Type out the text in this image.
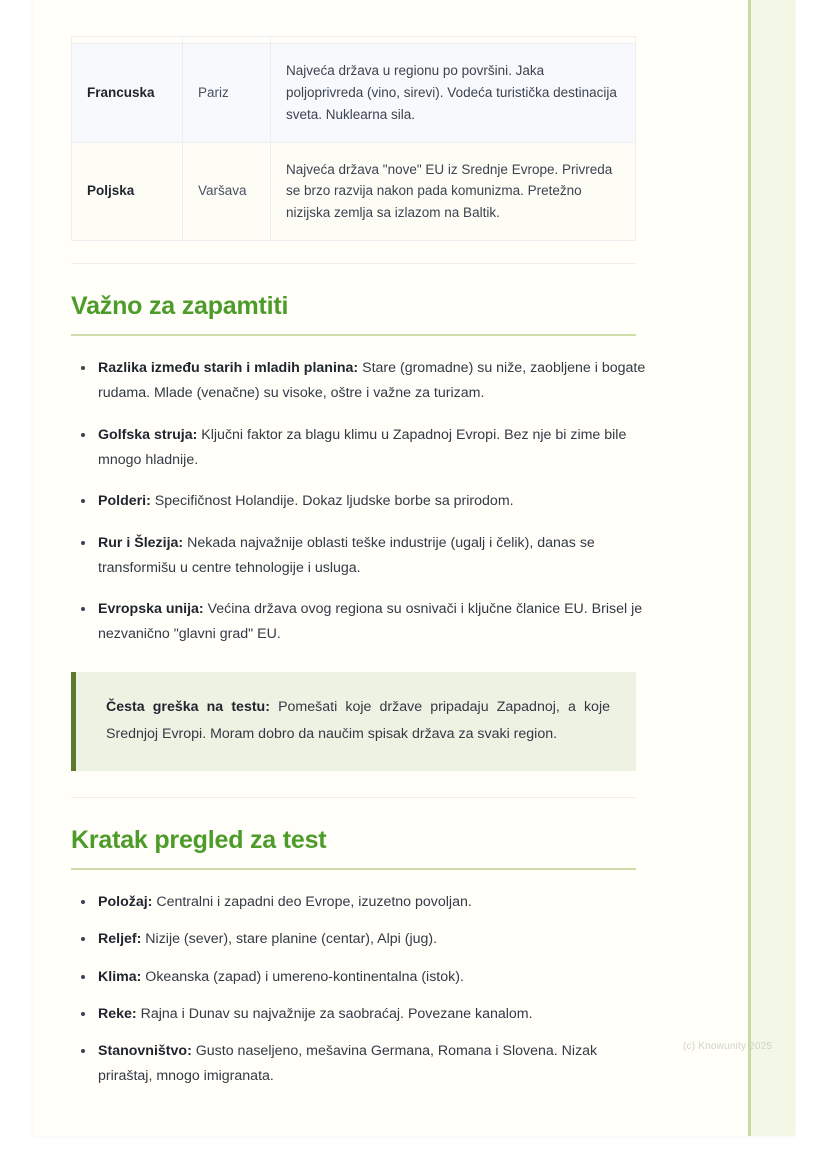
Francuska	Pariz	Najveća država u regionu po površini. Jaka poljoprivreda (vino, sirevi). Vodeća turistička destinacija sveta. Nuklearna sila.
Poljska	Varšava	Najveća država "nove" EU iz Srednje Evrope. Privreda se brzo razvija nakon pada komunizma. Pretežno nizijska zemlja sa izlazom na Baltik.
Važno za zapamtiti
Razlika između starih i mladih planina: Stare (gromadne) su niže, zaobljene i bogate rudama. Mlade (venačne) su visoke, oštre i važne za turizam.
Golfska struja: Ključni faktor za blagu klimu u Zapadnoj Evropi. Bez nje bi zime bile mnogo hladnije.
Polderi: Specifičnost Holandije. Dokaz ljudske borbe sa prirodom.
Rur i Šlezija: Nekada najvažnije oblasti teške industrije (ugalj i čelik), danas se transformišu u centre tehnologije i usluga.
Evropska unija: Većina država ovog regiona su osnivači i ključne članice EU. Brisel je nezvanično "glavni grad" EU.
Česta greška na testu: Pomešati koje države pripadaju Zapadnoj, a koje Srednjoj Evropi. Moram dobro da naučim spisak država za svaki region.
Kratak pregled za test
Položaj: Centralni i zapadni deo Evrope, izuzetno povoljan.
Reljef: Nizije (sever), stare planine (centar), Alpi (jug).
Klima: Okeanska (zapad) i umereno-kontinentalna (istok).
Reke: Rajna i Dunav su najvažnije za saobraćaj. Povezane kanalom.
Stanovništvo: Gusto naseljeno, mešavina Germana, Romana i Slovena. Nizak priraštaj, mnogo imigranata.
(c) Knowunity 2025
